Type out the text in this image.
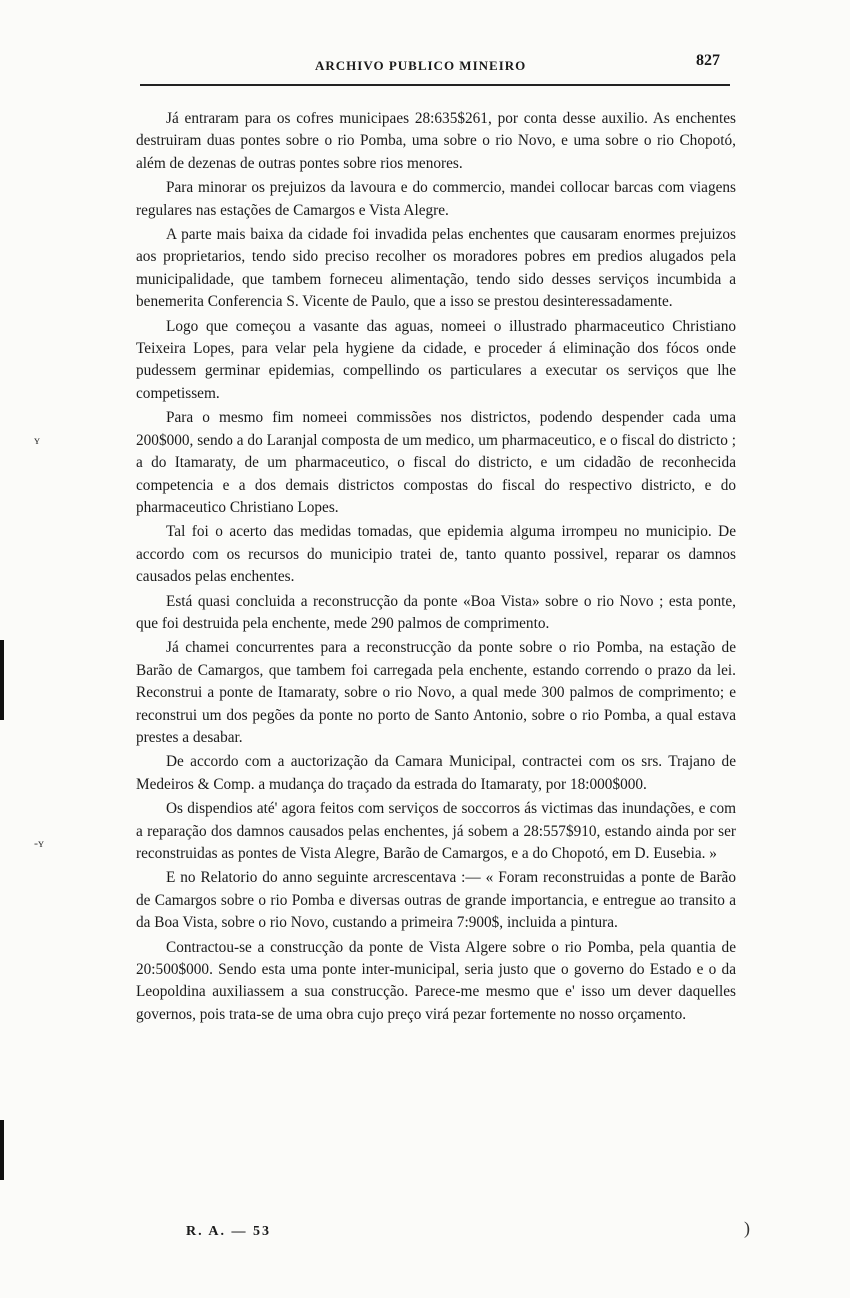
ʏ
-ʏ
)
ARCHIVO PUBLICO MINEIRO	827

Já entraram para os cofres municipaes 28:635$261, por conta desse auxilio. As enchentes destruiram duas pontes sobre o rio Pomba, uma sobre o rio Novo, e uma sobre o rio Chopotó, além de dezenas de outras pontes sobre rios menores.

Para minorar os prejuizos da lavoura e do commercio, mandei collocar barcas com viagens regulares nas estações de Camargos e Vista Alegre.

A parte mais baixa da cidade foi invadida pelas enchentes que causaram enormes prejuizos aos proprietarios, tendo sido preciso recolher os moradores pobres em predios alugados pela municipalidade, que tambem forneceu alimentação, tendo sido desses serviços incumbida a benemerita Conferencia S. Vicente de Paulo, que a isso se prestou desinteressadamente.

Logo que começou a vasante das aguas, nomeei o illustrado pharmaceutico Christiano Teixeira Lopes, para velar pela hygiene da cidade, e proceder á eliminação dos fócos onde pudessem germinar epidemias, compellindo os particulares a executar os serviços que lhe competissem.

Para o mesmo fim nomeei commissões nos districtos, podendo despender cada uma 200$000, sendo a do Laranjal composta de um medico, um pharmaceutico, e o fiscal do districto ; a do Itamaraty, de um pharmaceutico, o fiscal do districto, e um cidadão de reconhecida competencia e a dos demais districtos compostas do fiscal do respectivo districto, e do pharmaceutico Christiano Lopes.

Tal foi o acerto das medidas tomadas, que epidemia alguma irrompeu no municipio. De accordo com os recursos do municipio tratei de, tanto quanto possivel, reparar os damnos causados pelas enchentes.

Está quasi concluida a reconstrucção da ponte «Boa Vista» sobre o rio Novo ; esta ponte, que foi destruida pela enchente, mede 290 palmos de comprimento.

Já chamei concurrentes para a reconstrucção da ponte sobre o rio Pomba, na estação de Barão de Camargos, que tambem foi carregada pela enchente, estando correndo o prazo da lei. Reconstrui a ponte de Itamaraty, sobre o rio Novo, a qual mede 300 palmos de comprimento; e reconstrui um dos pegões da ponte no porto de Santo Antonio, sobre o rio Pomba, a qual estava prestes a desabar.

De accordo com a auctorização da Camara Municipal, contractei com os srs. Trajano de Medeiros & Comp. a mudança do traçado da estrada do Itamaraty, por 18:000$000.

Os dispendios até' agora feitos com serviços de soccorros ás victimas das inundações, e com a reparação dos damnos causados pelas enchentes, já sobem a 28:557$910, estando ainda por ser reconstruidas as pontes de Vista Alegre, Barão de Camargos, e a do Chopotó, em D. Eusebia. »

E no Relatorio do anno seguinte arcrescentava :— « Foram reconstruidas a ponte de Barão de Camargos sobre o rio Pomba e diversas outras de grande importancia, e entregue ao transito a da Boa Vista, sobre o rio Novo, custando a primeira 7:900$, incluida a pintura.

Contractou-se a construcção da ponte de Vista Algere sobre o rio Pomba, pela quantia de 20:500$000. Sendo esta uma ponte inter-municipal, seria justo que o governo do Estado e o da Leopoldina auxiliassem a sua construcção. Parece-me mesmo que e' isso um dever daquelles governos, pois trata-se de uma obra cujo preço virá pezar fortemente no nosso orçamento.

R. A. — 53
